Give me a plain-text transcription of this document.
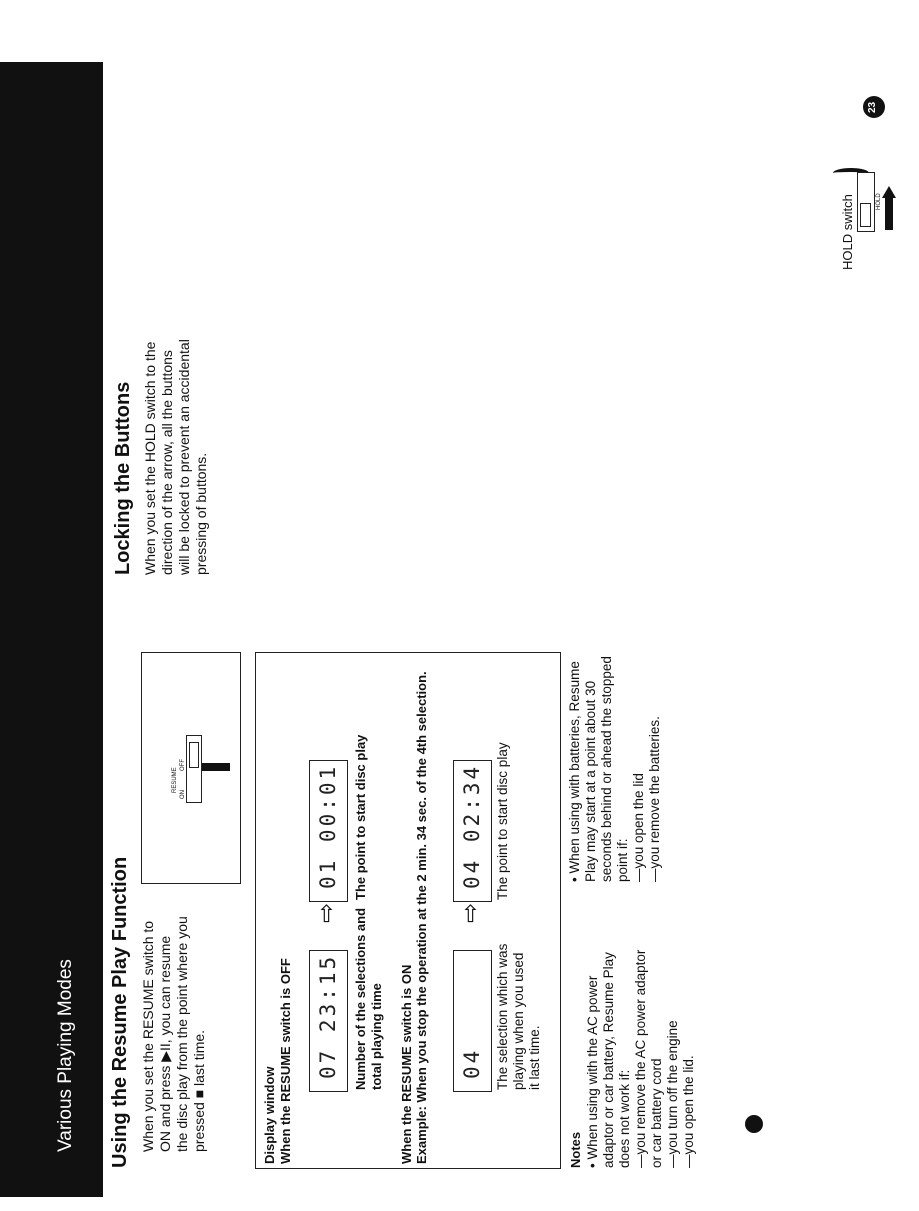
Various Playing Modes Using the Resume Play Function When you set the RESUME switch to ON and press ▶II, you can resume the disc play from the point where you pressed ■ last time.
RESUME
ON
OFF
Display window When the RESUME switch is OFF 07 23:15
⇨
01 00:01
Number of the selections and total playing time
The point to start disc play
When the RESUME switch is ON Example: When you stop the operation at the 2 min. 34 sec. of the 4th selection. 04
⇨
04 02:34
The selection which was playing when you used it last time.
The point to start disc play
Notes • When using with the AC power adaptor or car battery, Resume Play does not work if: —you remove the AC power adaptor or car battery cord —you turn off the engine —you open the lid.
• When using with batteries, Resume Play may start at a point about 30 seconds behind or ahead the stopped point if: —you open the lid —you remove the batteries.
Locking the Buttons When you set the HOLD switch to the direction of the arrow, all the buttons will be locked to prevent an accidental pressing of buttons.
HOLD switch	HOLD
23
